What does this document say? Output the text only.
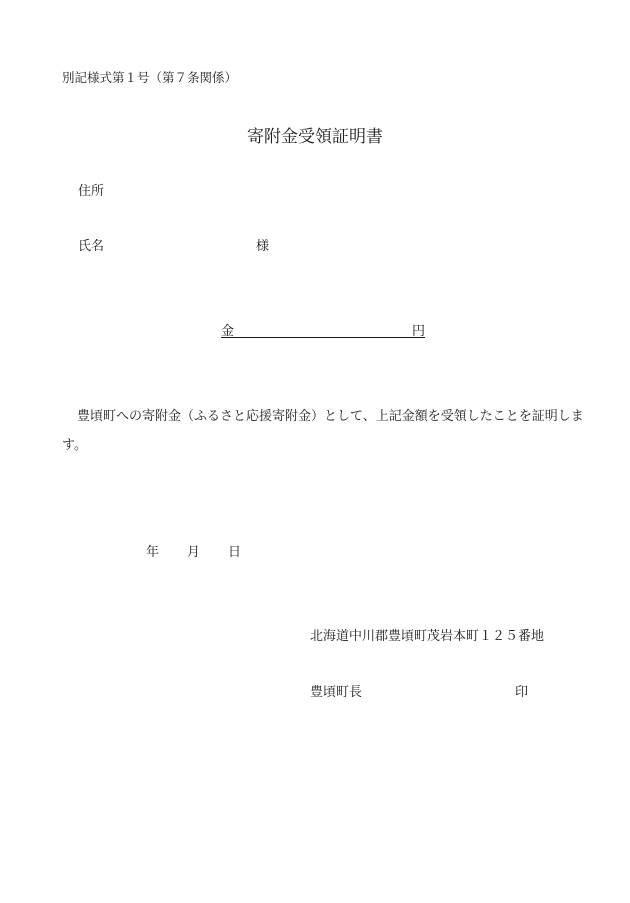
別記様式第１号（第７条関係）
寄附金受領証明書
住所
氏名	様
金	円
豊頃町への寄附金（ふるさと応援寄附金）として、上記金額を受領したことを証明します。
年 月 日
北海道中川郡豊頃町茂岩本町１２５番地
豊頃町長	印
